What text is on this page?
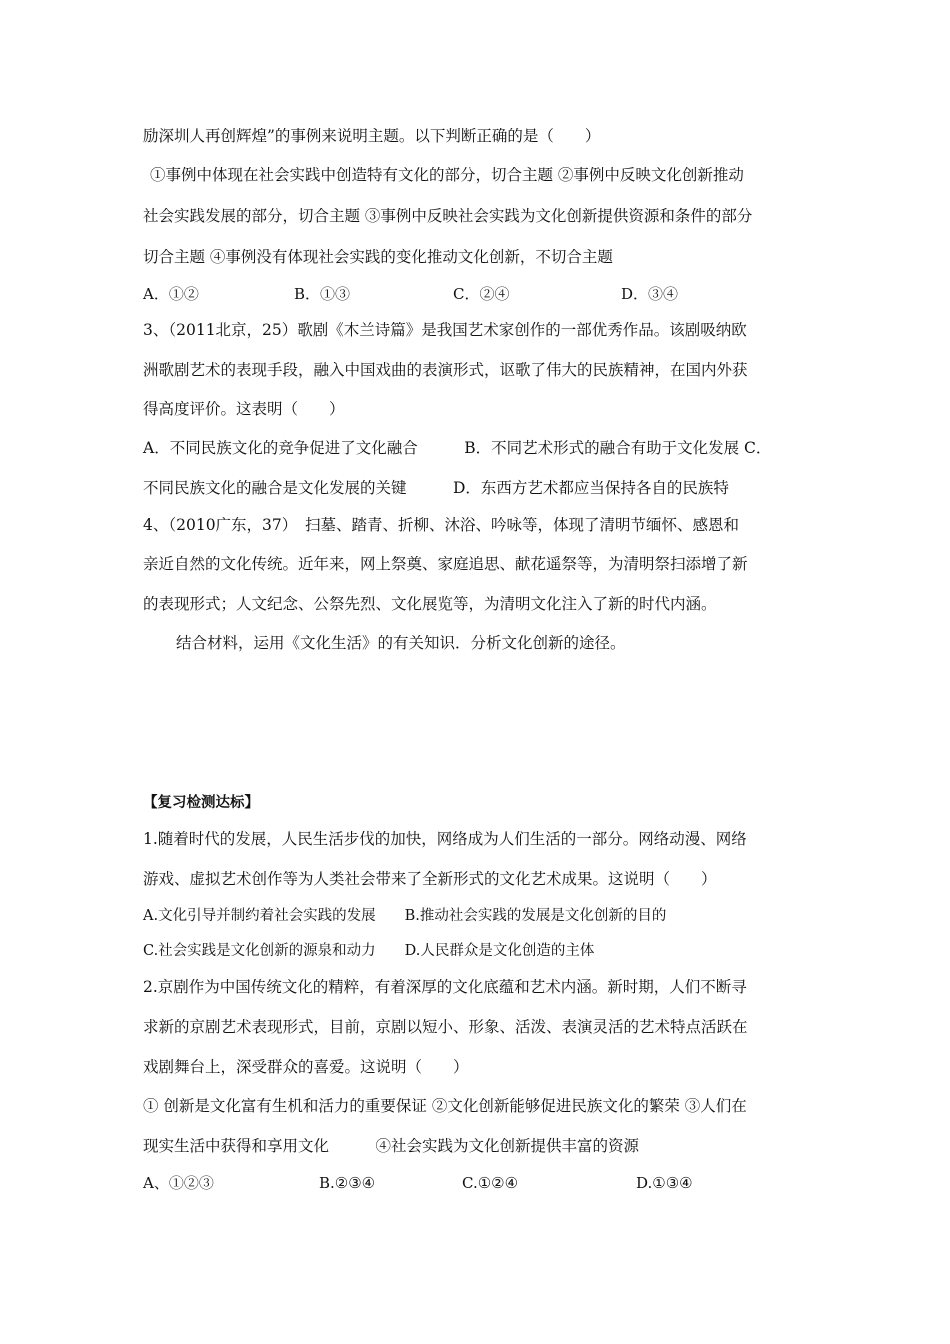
励深圳人再创辉煌”的事例来说明主题。以下判断正确的是（　　）
①事例中体现在社会实践中创造特有文化的部分，切合主题 ②事例中反映文化创新推动
社会实践发展的部分，切合主题 ③事例中反映社会实践为文化创新提供资源和条件的部分
切合主题 ④事例没有体现社会实践的变化推动文化创新，不切合主题
A．①②	B．①③	C．②④	D．③④
3、（2011北京，25）歌剧《木兰诗篇》是我国艺术家创作的一部优秀作品。该剧吸纳欧
洲歌剧艺术的表现手段，融入中国戏曲的表演形式，讴歌了伟大的民族精神，在国内外获
得高度评价。这表明（　　）
A．不同民族文化的竞争促进了文化融合　　　B．不同艺术形式的融合有助于文化发展 C．
不同民族文化的融合是文化发展的关键　　　D．东西方艺术都应当保持各自的民族特
4、（2010广东，37）　扫墓、踏青、折柳、沐浴、吟咏等，体现了清明节缅怀、感恩和
亲近自然的文化传统。近年来，网上祭奠、家庭追思、献花遥祭等，为清明祭扫添增了新
的表现形式；人文纪念、公祭先烈、文化展览等，为清明文化注入了新的时代内涵。
结合材料，运用《文化生活》的有关知识．分析文化创新的途径。
【复习检测达标】
1.随着时代的发展，人民生活步伐的加快，网络成为人们生活的一部分。网络动漫、网络
游戏、虚拟艺术创作等为人类社会带来了全新形式的文化艺术成果。这说明（　　）
A.文化引导并制约着社会实践的发展　　B.推动社会实践的发展是文化创新的目的
C.社会实践是文化创新的源泉和动力　　D.人民群众是文化创造的主体
2.京剧作为中国传统文化的精粹，有着深厚的文化底蕴和艺术内涵。新时期，人们不断寻
求新的京剧艺术表现形式，目前，京剧以短小、形象、活泼、表演灵活的艺术特点活跃在
戏剧舞台上，深受群众的喜爱。这说明（　　）
① 创新是文化富有生机和活力的重要保证 ②文化创新能够促进民族文化的繁荣 ③人们在
现实生活中获得和享用文化　　　④社会实践为文化创新提供丰富的资源
A、①②③	B.②③④	C.①②④	D.①③④
